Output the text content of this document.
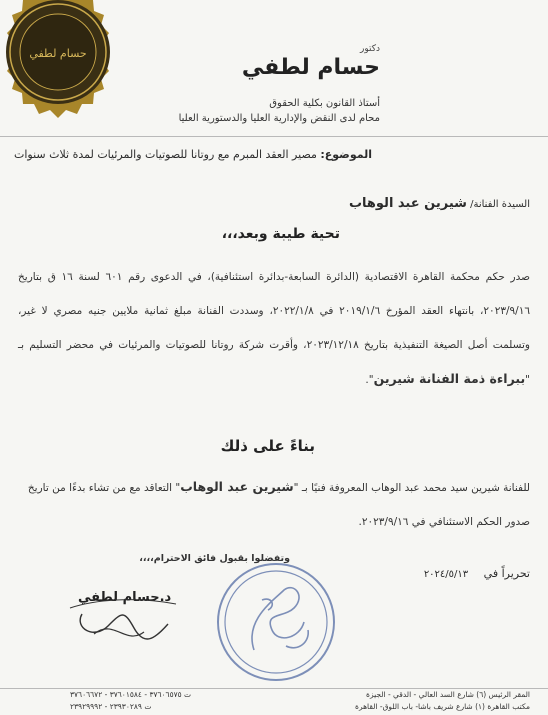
حسام لطفي	دكتور
حسام لطفي
أستاذ القانون بكلية الحقوق
محام لدى النقض والإدارية العليا والدستورية العليا
الموضوع: مصير العقد المبرم مع روتانا للصوتيات والمرئيات لمدة ثلاث سنوات
السيدة الفنانة/ شيرين عبد الوهاب
تحية طيبة وبعد،،،
صدر حكم محكمة القاهرة الاقتصادية (الدائرة السابعة-بدائرة استئنافية)، في الدعوى رقم ٦٠١ لسنة ١٦ ق بتاريخ ٢٠٢٣/٩/١٦، بانتهاء العقد المؤرخ ٢٠١٩/١/٦ في ٢٠٢٢/١/٨، وسددت الفنانة مبلغ ثمانية ملايين جنيه مصري لا غير، وتسلمت أصل الصيغة التنفيذية بتاريخ ٢٠٢٣/١٢/١٨، وأقرت شركة روتانا للصوتيات والمرئيات في محضر التسليم بـ "ببراءة ذمة الفنانة شيرين".
بناءً على ذلك
للفنانة شيرين سيد محمد عبد الوهاب المعروفة فنيًا بـ "شيرين عبد الوهاب" التعاقد مع من تشاء بدءًا من تاريخ صدور الحكم الاستئنافي في ٢٠٢٣/٩/١٦.
وتفضلوا بقبول فائق الاحترام،،،،
تحريراً في ٢٠٢٤/٥/١٣
د.حسام لطفي
المقر الرئيس (٦) شارع السد العالي - الدقي - الجيزة
مكتب القاهرة (١) شارع شريف باشا- باب اللوق- القاهرة
ت ٣٧٦٠٦٥٧٥ - ٣٧٦٠١٥٨٤ - ٣٧٦٠٦٦٧٢
ت ٢٣٩٣٠٢٨٩ - ٢٣٩٢٩٩٩٢
